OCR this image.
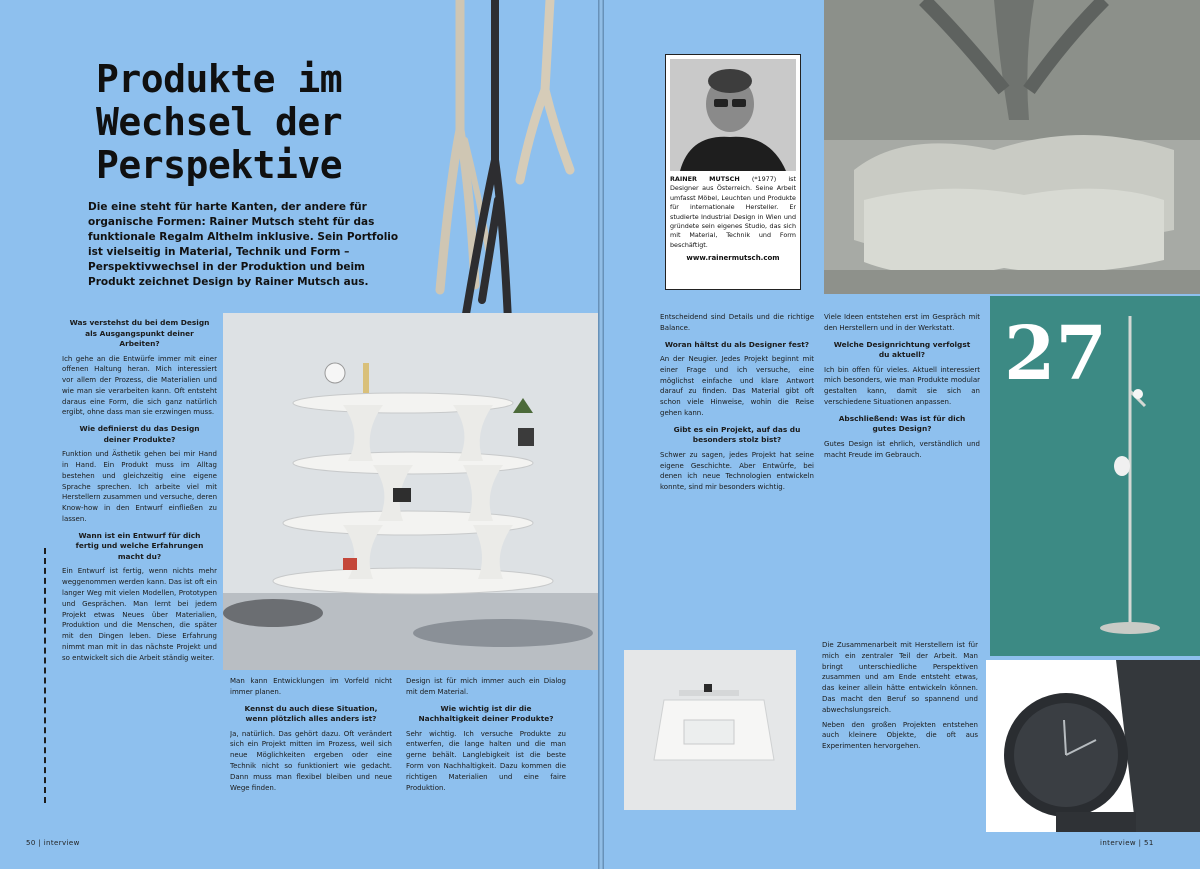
Produkte im
Wechsel der
Perspektive

Die eine steht für harte Kanten, der andere für organische Formen: Rainer Mutsch steht für das funktionale Regalm Althelm inklusive. Sein Portfolio ist vielseitig in Material, Technik und Form – Perspektivwechsel in der Produktion und beim Produkt zeichnet Design by Rainer Mutsch aus.

Was verstehst du bei dem Design als Ausgangspunkt deiner Arbeiten?

Ich gehe an die Entwürfe immer mit einer offenen Haltung heran. Mich interessiert vor allem der Prozess, die Materialien und wie man sie verarbeiten kann. Oft entsteht daraus eine Form, die sich ganz natürlich ergibt, ohne dass man sie erzwingen muss.

Wie definierst du das Design deiner Produkte?

Funktion und Ästhetik gehen bei mir Hand in Hand. Ein Produkt muss im Alltag bestehen und gleichzeitig eine eigene Sprache sprechen. Ich arbeite viel mit Herstellern zusammen und versuche, deren Know-how in den Entwurf einfließen zu lassen.

Wann ist ein Entwurf für dich fertig und welche Erfahrungen macht du?

Ein Entwurf ist fertig, wenn nichts mehr weggenommen werden kann. Das ist oft ein langer Weg mit vielen Modellen, Prototypen und Gesprächen. Man lernt bei jedem Projekt etwas Neues über Materialien, Produktion und die Menschen, die später mit den Dingen leben. Diese Erfahrung nimmt man mit in das nächste Projekt und so entwickelt sich die Arbeit ständig weiter.

Man kann Entwicklungen im Vorfeld nicht immer planen.

Kennst du auch diese Situation, wenn plötzlich alles anders ist?

Ja, natürlich. Das gehört dazu. Oft verändert sich ein Projekt mitten im Prozess, weil sich neue Möglichkeiten ergeben oder eine Technik nicht so funktioniert wie gedacht. Dann muss man flexibel bleiben und neue Wege finden.

Design ist für mich immer auch ein Dialog mit dem Material.

Wie wichtig ist dir die Nachhaltigkeit deiner Produkte?

Sehr wichtig. Ich versuche Produkte zu entwerfen, die lange halten und die man gerne behält. Langlebigkeit ist die beste Form von Nachhaltigkeit. Dazu kommen die richtigen Materialien und eine faire Produktion.

50 | interview
RAINER MUTSCH (*1977) ist Designer aus Österreich. Seine Arbeit umfasst Möbel, Leuchten und Produkte für internationale Hersteller. Er studierte Industrial Design in Wien und gründete sein eigenes Studio, das sich mit Material, Technik und Form beschäftigt.
www.rainermutsch.com
27

Entscheidend sind Details und die richtige Balance.

Woran hältst du als Designer fest?

An der Neugier. Jedes Projekt beginnt mit einer Frage und ich versuche, eine möglichst einfache und klare Antwort darauf zu finden. Das Material gibt oft schon viele Hinweise, wohin die Reise gehen kann.

Gibt es ein Projekt, auf das du besonders stolz bist?

Schwer zu sagen, jedes Projekt hat seine eigene Geschichte. Aber Entwürfe, bei denen ich neue Technologien entwickeln konnte, sind mir besonders wichtig.

Viele Ideen entstehen erst im Gespräch mit den Herstellern und in der Werkstatt.

Welche Designrichtung verfolgst du aktuell?

Ich bin offen für vieles. Aktuell interessiert mich besonders, wie man Produkte modular gestalten kann, damit sie sich an verschiedene Situationen anpassen.

Abschließend: Was ist für dich gutes Design?

Gutes Design ist ehrlich, verständlich und macht Freude im Gebrauch.

Die Zusammenarbeit mit Herstellern ist für mich ein zentraler Teil der Arbeit. Man bringt unterschiedliche Perspektiven zusammen und am Ende entsteht etwas, das keiner allein hätte entwickeln können. Das macht den Beruf so spannend und abwechslungsreich.

Neben den großen Projekten entstehen auch kleinere Objekte, die oft aus Experimenten hervorgehen.

interview | 51
